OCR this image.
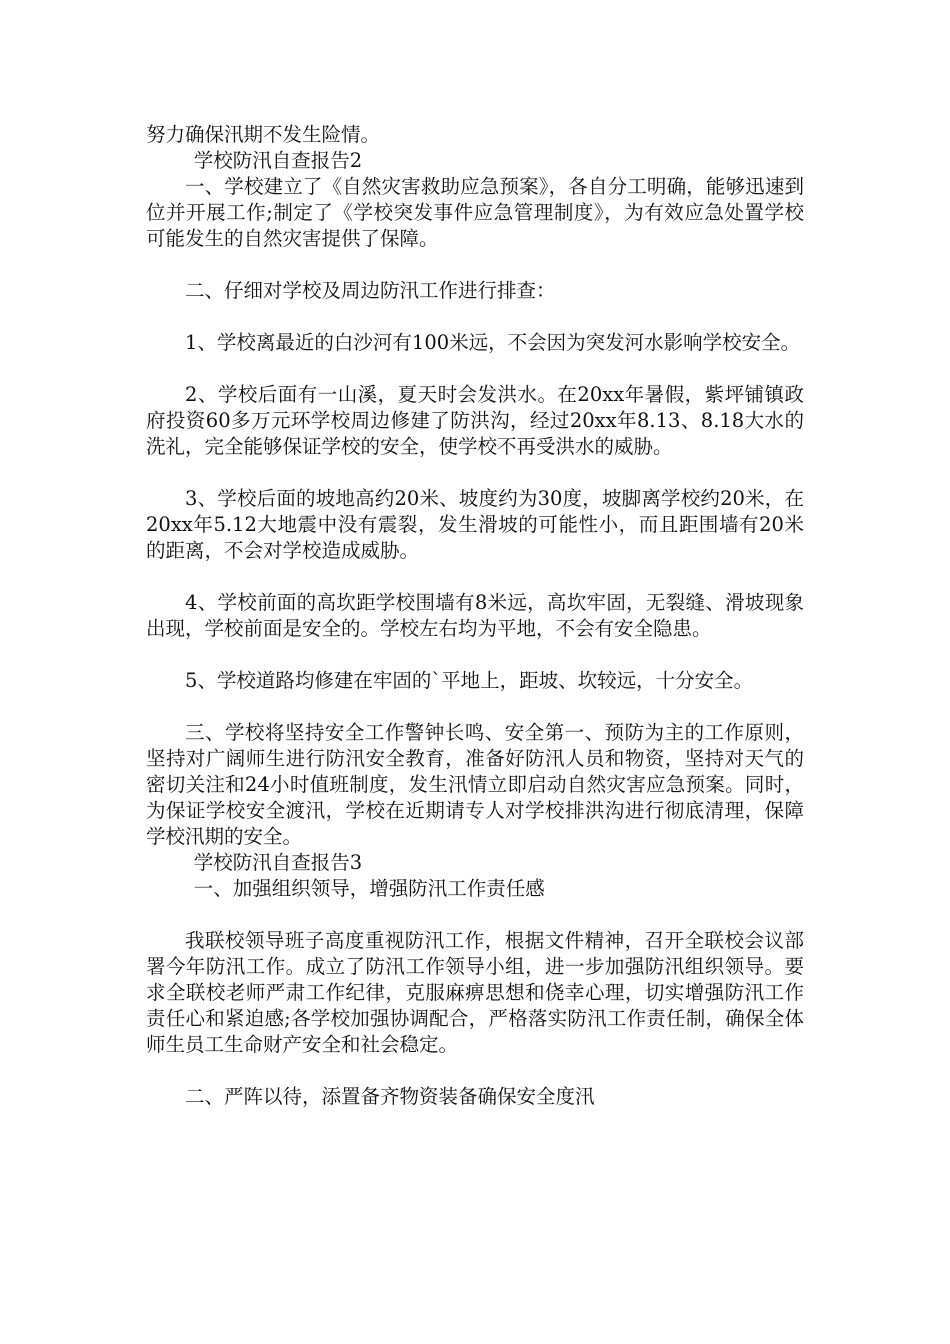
努力确保汛期不发生险情。

学校防汛自查报告2

一、学校建立了《自然灾害救助应急预案》，各自分工明确，能够迅速到位并开展工作;制定了《学校突发事件应急管理制度》，为有效应急处置学校可能发生的自然灾害提供了保障。

二、仔细对学校及周边防汛工作进行排查：

1、学校离最近的白沙河有100米远，不会因为突发河水影响学校安全。

2、学校后面有一山溪，夏天时会发洪水。在20xx年暑假，紫坪铺镇政府投资60多万元环学校周边修建了防洪沟，经过20xx年8.13、8.18大水的洗礼，完全能够保证学校的安全，使学校不再受洪水的威胁。

3、学校后面的坡地高约20米、坡度约为30度，坡脚离学校约20米，在20xx年5.12大地震中没有震裂，发生滑坡的可能性小，而且距围墙有20米的距离，不会对学校造成威胁。

4、学校前面的高坎距学校围墙有8米远，高坎牢固，无裂缝、滑坡现象出现，学校前面是安全的。学校左右均为平地，不会有安全隐患。

5、学校道路均修建在牢固的`平地上，距坡、坎较远，十分安全。

三、学校将坚持安全工作警钟长鸣、安全第一、预防为主的工作原则，坚持对广阔师生进行防汛安全教育，准备好防汛人员和物资，坚持对天气的密切关注和24小时值班制度，发生汛情立即启动自然灾害应急预案。同时，为保证学校安全渡汛，学校在近期请专人对学校排洪沟进行彻底清理，保障学校汛期的安全。

学校防汛自查报告3

一、加强组织领导，增强防汛工作责任感

我联校领导班子高度重视防汛工作，根据文件精神，召开全联校会议部署今年防汛工作。成立了防汛工作领导小组，进一步加强防汛组织领导。要求全联校老师严肃工作纪律，克服麻痹思想和侥幸心理，切实增强防汛工作责任心和紧迫感;各学校加强协调配合，严格落实防汛工作责任制，确保全体师生员工生命财产安全和社会稳定。

二、严阵以待，添置备齐物资装备确保安全度汛
